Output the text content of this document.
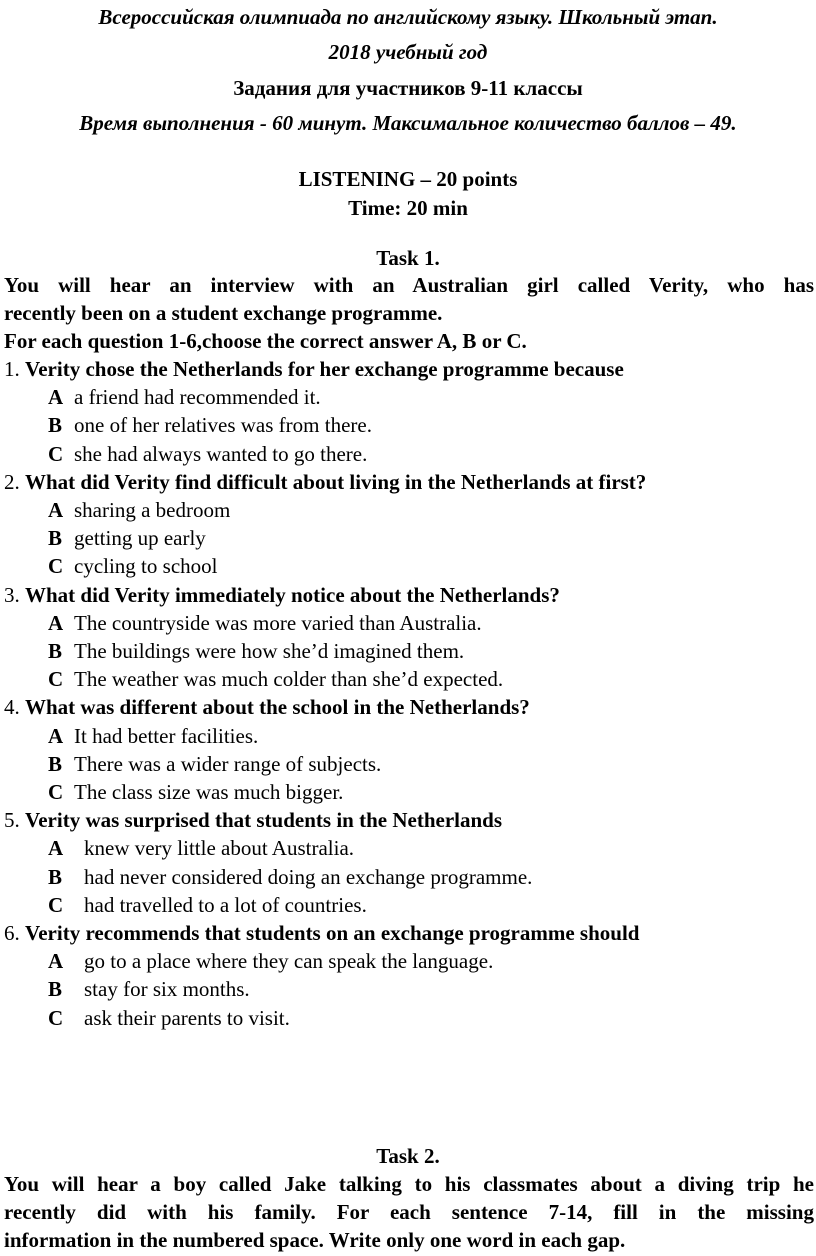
Всероссийская олимпиада по английскому языку. Школьный этап.
2018 учебный год
Задания для участников 9-11 классы
Время выполнения - 60 минут. Максимальное количество баллов – 49.
LISTENING – 20 points
Time: 20 min
Task 1.
You will hear an interview with an Australian girl called Verity, who has
recently been on a student exchange programme.
For each question 1-6,choose the correct answer A, B or C.
1. Verity chose the Netherlands for her exchange programme because
A a friend had recommended it.
B one of her relatives was from there.
C she had always wanted to go there.
2. What did Verity find difficult about living in the Netherlands at first?
A sharing a bedroom
B getting up early
C cycling to school
3. What did Verity immediately notice about the Netherlands?
A The countryside was more varied than Australia.
B The buildings were how she’d imagined them.
C The weather was much colder than she’d expected.
4. What was different about the school in the Netherlands?
A It had better facilities.
B There was a wider range of subjects.
C The class size was much bigger.
5. Verity was surprised that students in the Netherlands
A knew very little about Australia.
B had never considered doing an exchange programme.
C had travelled to a lot of countries.
6. Verity recommends that students on an exchange programme should
A go to a place where they can speak the language.
B stay for six months.
C ask their parents to visit.
Task 2.
You will hear a boy called Jake talking to his classmates about a diving trip he
recently did with his family. For each sentence 7-14, fill in the missing
information in the numbered space. Write only one word in each gap.
